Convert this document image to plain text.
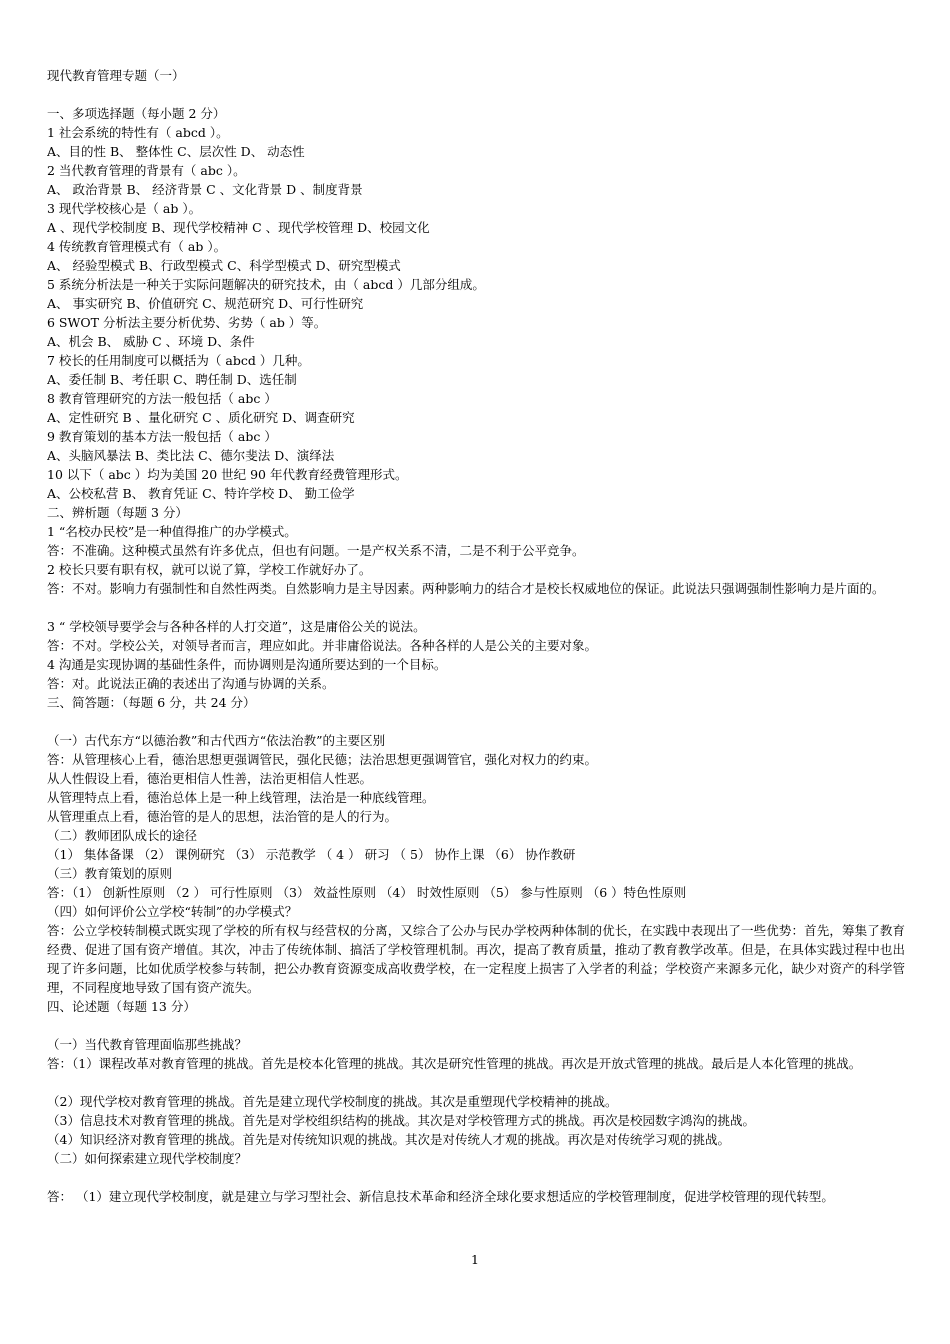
现代教育管理专题（一）
一、多项选择题（每小题 2 分）
1 社会系统的特性有（ abcd ）。
A、目的性 B、 整体性 C、层次性 D、 动态性
2 当代教育管理的背景有（ abc ）。
A、 政治背景 B、 经济背景 C 、文化背景 D 、制度背景
3 现代学校核心是（ ab ）。
A 、现代学校制度 B、现代学校精神 C 、现代学校管理 D、校园文化
4 传统教育管理模式有（ ab ）。
A、 经验型模式 B、行政型模式 C、科学型模式 D、研究型模式
5 系统分析法是一种关于实际问题解决的研究技术，由（ abcd ）几部分组成。
A、 事实研究 B、价值研究 C、规范研究 D、可行性研究
6 SWOT 分析法主要分析优势、劣势（ ab ）等。
A、机会 B、 威胁 C 、环境 D、条件
7 校长的任用制度可以概括为（ abcd ）几种。
A、委任制 B、考任职 C、聘任制 D、选任制
8 教育管理研究的方法一般包括（ abc ）
A、定性研究 B 、量化研究 C 、质化研究 D、调查研究
9 教育策划的基本方法一般包括（ abc ）
A、头脑风暴法 B、类比法 C、德尔斐法 D、演绎法
10 以下（ abc ）均为美国 20 世纪 90 年代教育经费管理形式。
A、公校私营 B、 教育凭证 C、特许学校 D、 勤工俭学
二、辨析题（每题 3 分）
1 “名校办民校”是一种值得推广的办学模式。
答：不准确。这种模式虽然有许多优点，但也有问题。一是产权关系不清，二是不利于公平竞争。
2 校长只要有职有权，就可以说了算，学校工作就好办了。
答：不对。影响力有强制性和自然性两类。自然影响力是主导因素。两种影响力的结合才是校长权威地位的保证。此说法只强调强制性影响力是片面的。
3 “ 学校领导要学会与各种各样的人打交道”，这是庸俗公关的说法。
答：不对。学校公关，对领导者而言，理应如此。并非庸俗说法。各种各样的人是公关的主要对象。
4 沟通是实现协调的基础性条件，而协调则是沟通所要达到的一个目标。
答：对。此说法正确的表述出了沟通与协调的关系。
三、简答题：（每题 6 分，共 24 分）
（一）古代东方“以德治教”和古代西方“依法治教”的主要区别
答：从管理核心上看，德治思想更强调管民，强化民德；法治思想更强调管官，强化对权力的约束。
从人性假设上看，德治更相信人性善，法治更相信人性恶。
从管理特点上看，德治总体上是一种上线管理，法治是一种底线管理。
从管理重点上看，德治管的是人的思想，法治管的是人的行为。
（二）教师团队成长的途径
（1） 集体备课 （2） 课例研究 （3） 示范教学 （ 4 ） 研习 （ 5） 协作上课 （6） 协作教研
（三）教育策划的原则
答：（1） 创新性原则 （2 ） 可行性原则 （3） 效益性原则 （4） 时效性原则 （5） 参与性原则 （6 ）特色性原则
（四）如何评价公立学校“转制”的办学模式？
答：公立学校转制模式既实现了学校的所有权与经营权的分离，又综合了公办与民办学校两种体制的优长，在实践中表现出了一些优势：首先，筹集了教育经费、促进了国有资产增值。其次，冲击了传统体制、搞活了学校管理机制。再次，提高了教育质量，推动了教育教学改革。但是，在具体实践过程中也出现了许多问题，比如优质学校参与转制，把公办教育资源变成高收费学校，在一定程度上损害了入学者的利益；学校资产来源多元化，缺少对资产的科学管理，不同程度地导致了国有资产流失。
四、论述题（每题 13 分）
（一）当代教育管理面临那些挑战？
答：（1）课程改革对教育管理的挑战。首先是校本化管理的挑战。其次是研究性管理的挑战。再次是开放式管理的挑战。最后是人本化管理的挑战。
（2）现代学校对教育管理的挑战。首先是建立现代学校制度的挑战。其次是重塑现代学校精神的挑战。
（3）信息技术对教育管理的挑战。首先是对学校组织结构的挑战。其次是对学校管理方式的挑战。再次是校园数字鸿沟的挑战。
（4）知识经济对教育管理的挑战。首先是对传统知识观的挑战。其次是对传统人才观的挑战。再次是对传统学习观的挑战。
（二）如何探索建立现代学校制度？
答： （1）建立现代学校制度，就是建立与学习型社会、新信息技术革命和经济全球化要求想适应的学校管理制度，促进学校管理的现代转型。
1
